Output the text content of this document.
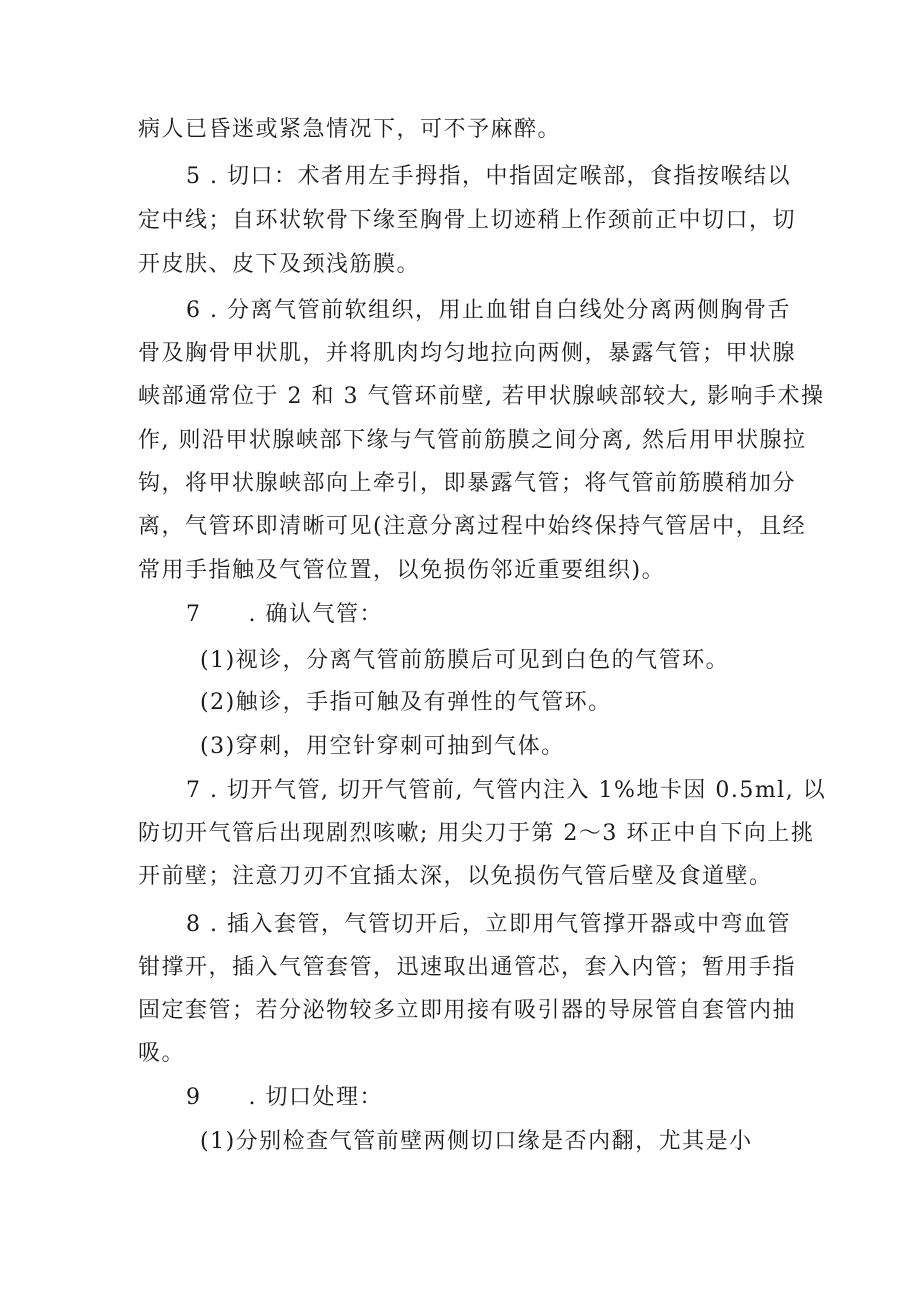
病人已昏迷或紧急情况下，可不予麻醉。
5 . 切口：术者用左手拇指，中指固定喉部，食指按喉结以
定中线；自环状软骨下缘至胸骨上切迹稍上作颈前正中切口，切
开皮肤、皮下及颈浅筋膜。
6 . 分离气管前软组织，用止血钳自白线处分离两侧胸骨舌
骨及胸骨甲状肌，并将肌肉均匀地拉向两侧，暴露气管；甲状腺
峡部通常位于 2 和 3 气管环前壁, 若甲状腺峡部较大, 影响手术操
作, 则沿甲状腺峡部下缘与气管前筋膜之间分离, 然后用甲状腺拉
钩，将甲状腺峡部向上牵引，即暴露气管；将气管前筋膜稍加分
离，气管环即清晰可见(注意分离过程中始终保持气管居中，且经
常用手指触及气管位置，以免损伤邻近重要组织)。
7　　. 确认气管：
(1)视诊，分离气管前筋膜后可见到白色的气管环。
(2)触诊，手指可触及有弹性的气管环。
(3)穿刺，用空针穿刺可抽到气体。
7 . 切开气管, 切开气管前, 气管内注入 1%地卡因 0.5ml, 以
防切开气管后出现剧烈咳嗽; 用尖刀于第 2～3 环正中自下向上挑
开前壁；注意刀刃不宜插太深，以免损伤气管后壁及食道壁。
8 . 插入套管，气管切开后，立即用气管撑开器或中弯血管
钳撑开，插入气管套管，迅速取出通管芯，套入内管；暂用手指
固定套管；若分泌物较多立即用接有吸引器的导尿管自套管内抽
吸。
9　　. 切口处理：
(1)分别检查气管前壁两侧切口缘是否内翻，尤其是小
